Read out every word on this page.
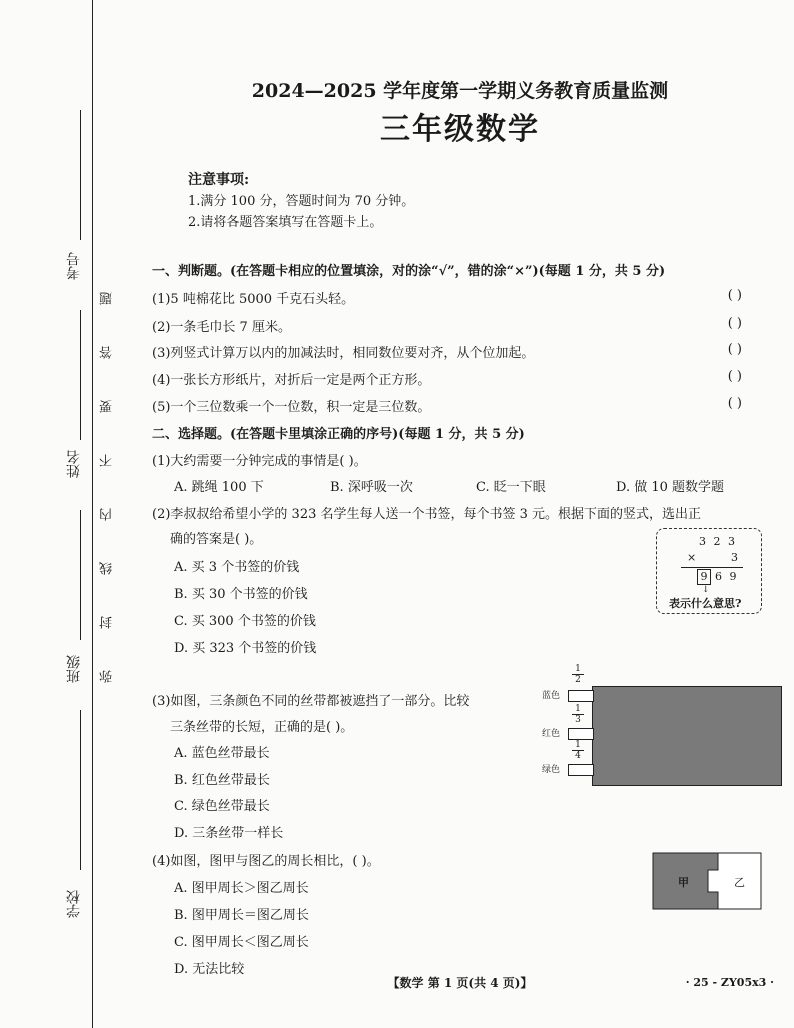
考号
姓名
班级
学校
弥
封
线
内
不
要
答
题
2024—2025 学年度第一学期义务教育质量监测
三年级数学
注意事项:
1.满分 100 分，答题时间为 70 分钟。
2.请将各题答案填写在答题卡上。
一、判断题。(在答题卡相应的位置填涂，对的涂“√”，错的涂“×”)(每题 1 分，共 5 分)
(1)5 吨棉花比 5000 千克石头轻。	( )
(2)一条毛巾长 7 厘米。	( )
(3)列竖式计算万以内的加减法时，相同数位要对齐，从个位加起。	( )
(4)一张长方形纸片，对折后一定是两个正方形。	( )
(5)一个三位数乘一个一位数，积一定是三位数。	( )
二、选择题。(在答题卡里填涂正确的序号)(每题 1 分，共 5 分)
(1)大约需要一分钟完成的事情是( )。
A. 跳绳 100 下	B. 深呼吸一次	C. 眨一下眼	D. 做 10 题数学题
(2)李叔叔给希望小学的 323 名学生每人送一个书签，每个书签 3 元。根据下面的竖式，选出正
确的答案是( )。
A. 买 3 个书签的价钱
B. 买 30 个书签的价钱
C. 买 300 个书签的价钱
D. 买 323 个书签的价钱
3 2 3
×	3
9 6 9
↓
表示什么意思?
(3)如图，三条颜色不同的丝带都被遮挡了一部分。比较
三条丝带的长短，正确的是( )。
A. 蓝色丝带最长
B. 红色丝带最长
C. 绿色丝带最长
D. 三条丝带一样长
蓝色
红色
绿色
1
2
1
3
1
4
(4)如图，图甲与图乙的周长相比，( )。
A. 图甲周长＞图乙周长
B. 图甲周长＝图乙周长
C. 图甲周长＜图乙周长
D. 无法比较
甲	乙
【数学 第 1 页(共 4 页)】	· 25 - ZY05x3 ·
